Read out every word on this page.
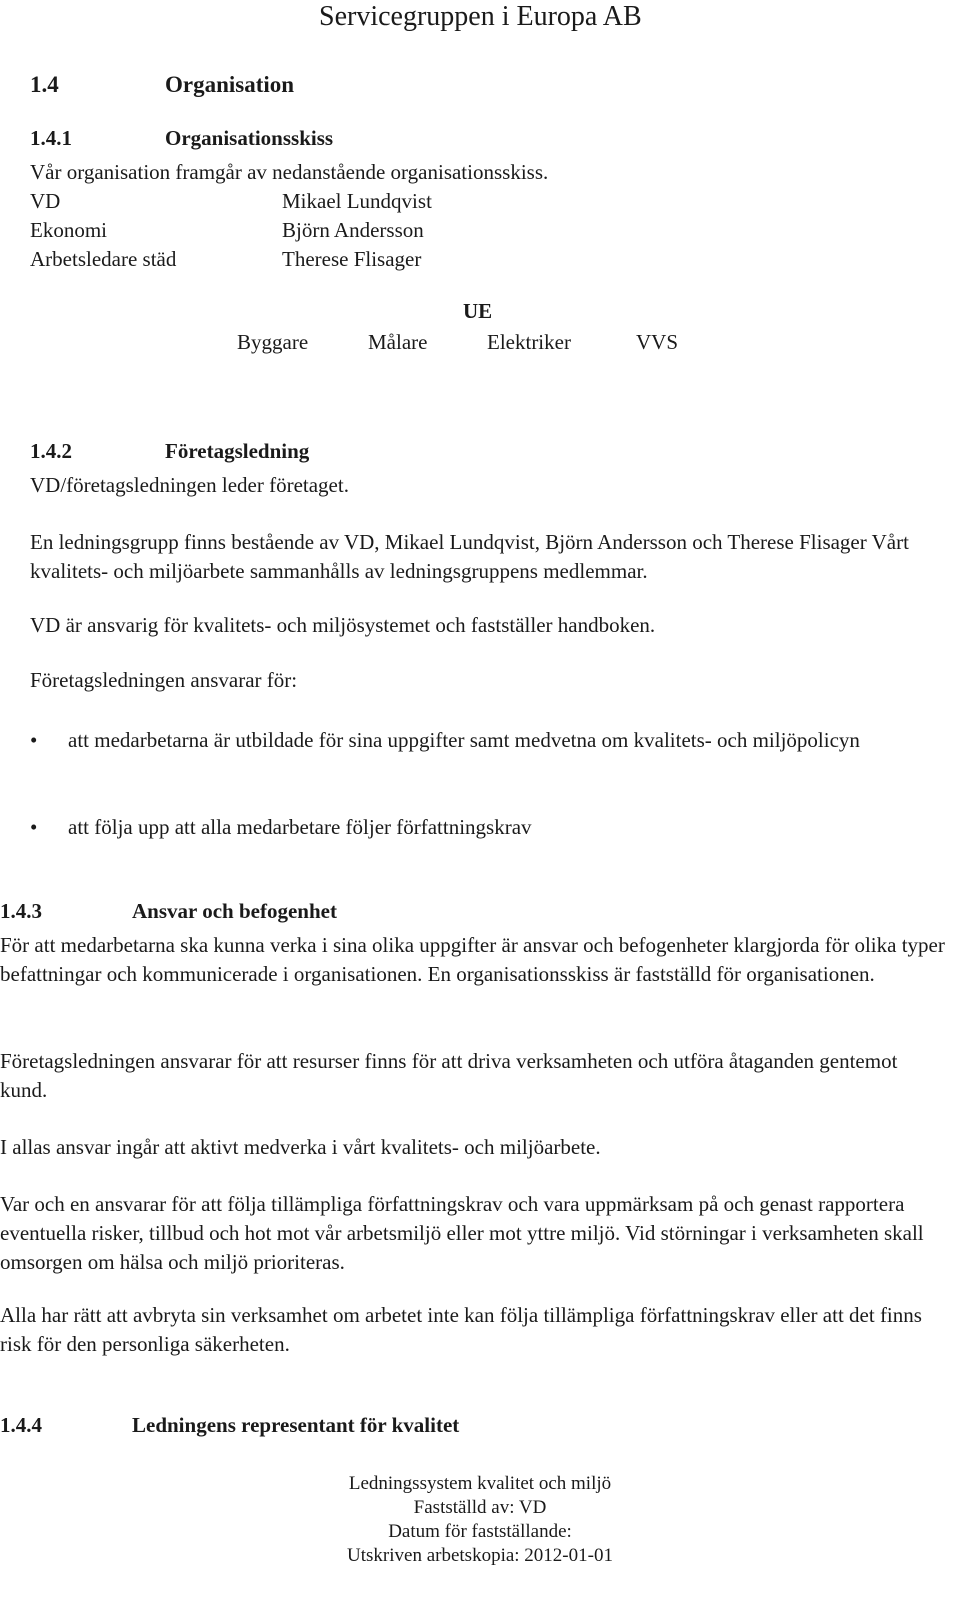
Servicegruppen i Europa AB
1.4	Organisation
1.4.1	Organisationsskiss
Vår organisation framgår av nedanstående organisationsskiss.
VD	Mikael Lundqvist
Ekonomi	Björn Andersson
Arbetsledare städ	Therese Flisager
UE
Byggare	Målare	Elektriker	VVS
1.4.2	Företagsledning
VD/företagsledningen leder företaget.
En ledningsgrupp finns bestående av VD, Mikael Lundqvist, Björn Andersson och Therese Flisager Vårt kvalitets- och miljöarbete sammanhålls av ledningsgruppens medlemmar.
VD är ansvarig för kvalitets- och miljösystemet och fastställer handboken.
Företagsledningen ansvarar för:
• att medarbetarna är utbildade för sina uppgifter samt medvetna om kvalitets- och miljöpolicyn
• att följa upp att alla medarbetare följer författningskrav
1.4.3	Ansvar och befogenhet
För att medarbetarna ska kunna verka i sina olika uppgifter är ansvar och befogenheter klargjorda för olika typer befattningar och kommunicerade i organisationen. En organisationsskiss är fastställd för organisationen.
Företagsledningen ansvarar för att resurser finns för att driva verksamheten och utföra åtaganden gentemot kund.
I allas ansvar ingår att aktivt medverka i vårt kvalitets- och miljöarbete.
Var och en ansvarar för att följa tillämpliga författningskrav och vara uppmärksam på och genast rapportera eventuella risker, tillbud och hot mot vår arbetsmiljö eller mot yttre miljö. Vid störningar i verksamheten skall omsorgen om hälsa och miljö prioriteras.
Alla har rätt att avbryta sin verksamhet om arbetet inte kan följa tillämpliga författningskrav eller att det finns risk för den personliga säkerheten.
1.4.4	Ledningens representant för kvalitet
Ledningssystem kvalitet och miljö
Fastställd av: VD
Datum för fastställande:
Utskriven arbetskopia: 2012-01-01
